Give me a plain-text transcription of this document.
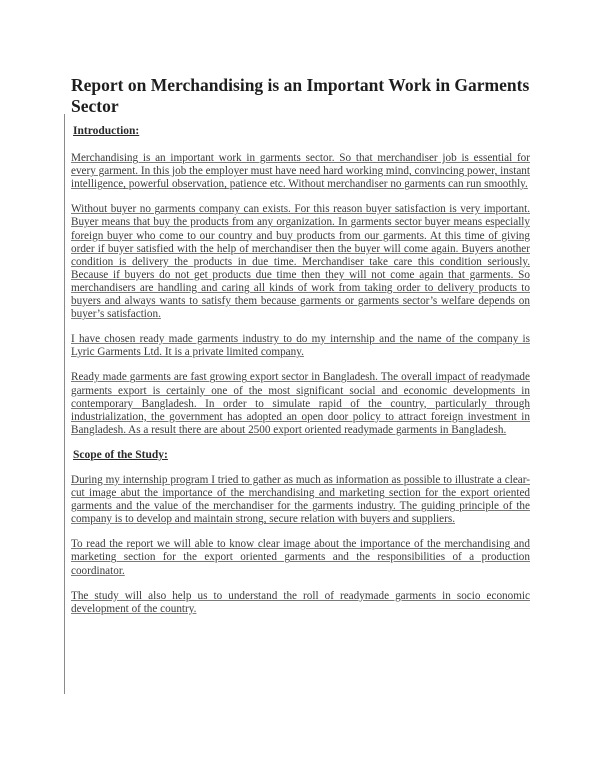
Report on Merchandising is an Important Work in Garments Sector
Introduction:

Merchandising is an important work in garments sector. So that merchandiser job is essential for every garment. In this job the employer must have need hard working mind, convincing power, instant intelligence, powerful observation, patience etc. Without merchandiser no garments can run smoothly.

Without buyer no garments company can exists. For this reason buyer satisfaction is very important. Buyer means that buy the products from any organization. In garments sector buyer means especially foreign buyer who come to our country and buy products from our garments. At this time of giving order if buyer satisfied with the help of merchandiser then the buyer will come again. Buyers another condition is delivery the products in due time. Merchandiser take care this condition seriously. Because if buyers do not get products due time then they will not come again that garments. So merchandisers are handling and caring all kinds of work from taking order to delivery products to buyers and always wants to satisfy them because garments or garments sector’s welfare depends on buyer’s satisfaction.

I have chosen ready made garments industry to do my internship and the name of the company is Lyric Garments Ltd. It is a private limited company.

Ready made garments are fast growing export sector in Bangladesh. The overall impact of readymade garments export is certainly one of the most significant social and economic developments in contemporary Bangladesh. In order to simulate rapid of the country, particularly through industrialization, the government has adopted an open door policy to attract foreign investment in Bangladesh. As a result there are about 2500 export oriented readymade garments in Bangladesh.

Scope of the Study:

During my internship program I tried to gather as much as information as possible to illustrate a clear-cut image abut the importance of the merchandising and marketing section for the export oriented garments and the value of the merchandiser for the garments industry. The guiding principle of the company is to develop and maintain strong, secure relation with buyers and suppliers.

To read the report we will able to know clear image about the importance of the merchandising and marketing section for the export oriented garments and the responsibilities of a production coordinator.

The study will also help us to understand the roll of readymade garments in socio economic development of the country.
